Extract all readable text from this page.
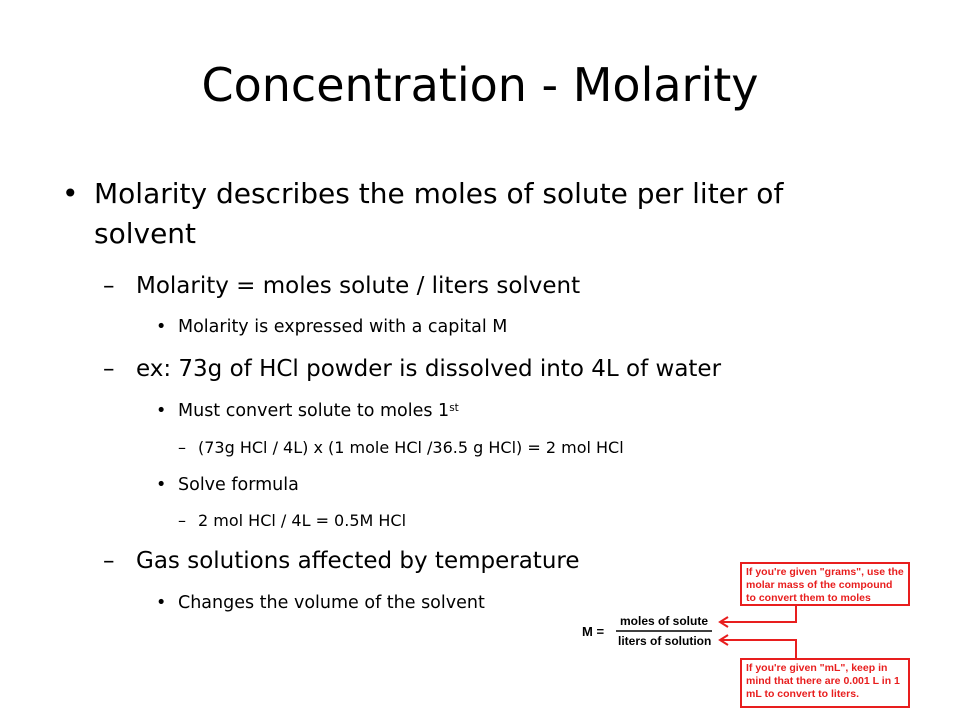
Concentration - Molarity
• Molarity describes the moles of solute per liter of
solvent
– Molarity = moles solute / liters solvent
• Molarity is expressed with a capital M
– ex: 73g of HCl powder is dissolved into 4L of water
• Must convert solute to moles 1st
– (73g HCl / 4L) x (1 mole HCl /36.5 g HCl) = 2 mol HCl
• Solve formula
– 2 mol HCl / 4L = 0.5M HCl
– Gas solutions affected by temperature
• Changes the volume of the solvent
If you're given "grams", use the molar mass of the compound to convert them to moles
If you're given "mL", keep in mind that there are 0.001 L in 1 mL to convert to liters.
M =
moles of solute
liters of solution
